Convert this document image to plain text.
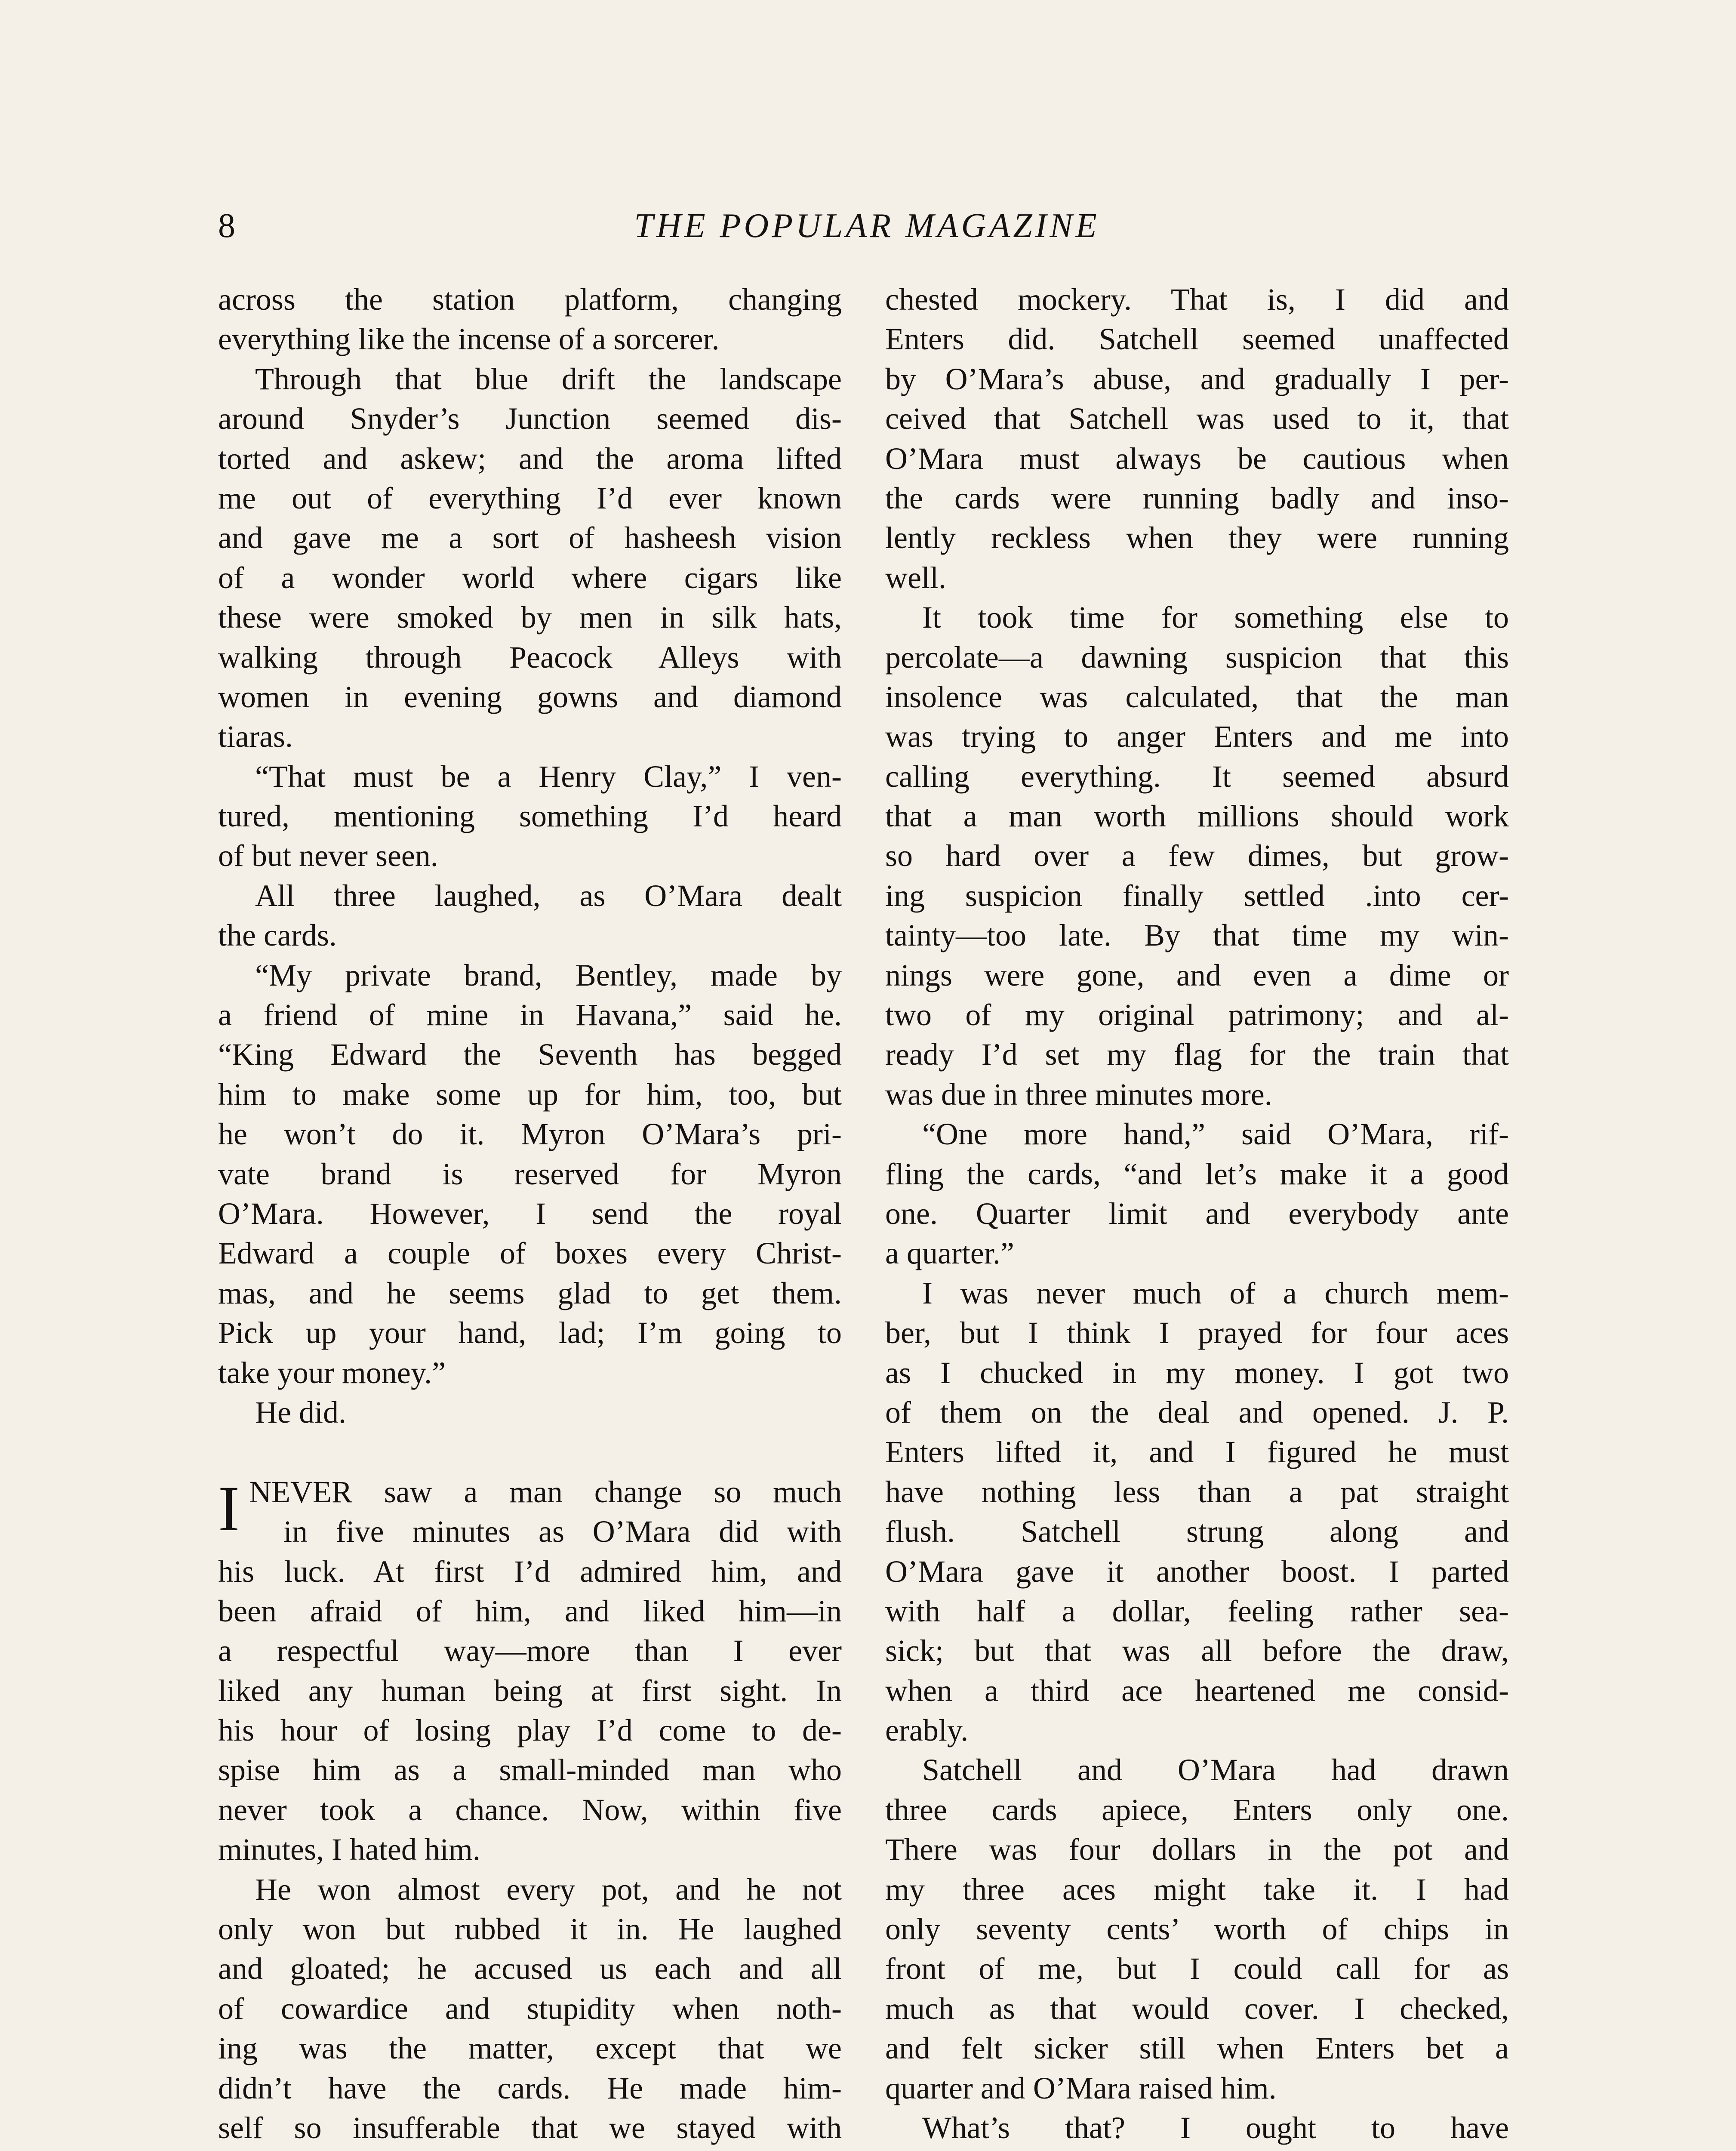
8	THE POPULAR MAGAZINE
across the station platform, changing
everything like the incense of a sorcerer.
Through that blue drift the landscape
around Snyder’s Junction seemed dis-
torted and askew; and the aroma lifted
me out of everything I’d ever known
and gave me a sort of hasheesh vision
of a wonder world where cigars like
these were smoked by men in silk hats,
walking through Peacock Alleys with
women in evening gowns and diamond
tiaras.
“That must be a Henry Clay,” I ven-
tured, mentioning something I’d heard
of but never seen.
All three laughed, as O’Mara dealt
the cards.
“My private brand, Bentley, made by
a friend of mine in Havana,” said he.
“King Edward the Seventh has begged
him to make some up for him, too, but
he won’t do it. Myron O’Mara’s pri-
vate brand is reserved for Myron
O’Mara. However, I send the royal
Edward a couple of boxes every Christ-
mas, and he seems glad to get them.
Pick up your hand, lad; I’m going to
take your money.”
He did.
I NEVER saw a man change so much
in five minutes as O’Mara did with
his luck. At first I’d admired him, and
been afraid of him, and liked him—in
a respectful way—more than I ever
liked any human being at first sight. In
his hour of losing play I’d come to de-
spise him as a small-minded man who
never took a chance. Now, within five
minutes, I hated him.
He won almost every pot, and he not
only won but rubbed it in. He laughed
and gloated; he accused us each and all
of cowardice and stupidity when noth-
ing was the matter, except that we
didn’t have the cards. He made him-
self so insufferable that we stayed with
chested mockery. That is, I did and
Enters did. Satchell seemed unaffected
by O’Mara’s abuse, and gradually I per-
ceived that Satchell was used to it, that
O’Mara must always be cautious when
the cards were running badly and inso-
lently reckless when they were running
well.
It took time for something else to
percolate—a dawning suspicion that this
insolence was calculated, that the man
was trying to anger Enters and me into
calling everything. It seemed absurd
that a man worth millions should work
so hard over a few dimes, but grow-
ing suspicion finally settled .into cer-
tainty—too late. By that time my win-
nings were gone, and even a dime or
two of my original patrimony; and al-
ready I’d set my flag for the train that
was due in three minutes more.
“One more hand,” said O’Mara, rif-
fling the cards, “and let’s make it a good
one. Quarter limit and everybody ante
a quarter.”
I was never much of a church mem-
ber, but I think I prayed for four aces
as I chucked in my money. I got two
of them on the deal and opened. J. P.
Enters lifted it, and I figured he must
have nothing less than a pat straight
flush. Satchell strung along and
O’Mara gave it another boost. I parted
with half a dollar, feeling rather sea-
sick; but that was all before the draw,
when a third ace heartened me consid-
erably.
Satchell and O’Mara had drawn
three cards apiece, Enters only one.
There was four dollars in the pot and
my three aces might take it. I had
only seventy cents’ worth of chips in
front of me, but I could call for as
much as that would cover. I checked,
and felt sicker still when Enters bet a
quarter and O’Mara raised him.
What’s that? I ought to have
